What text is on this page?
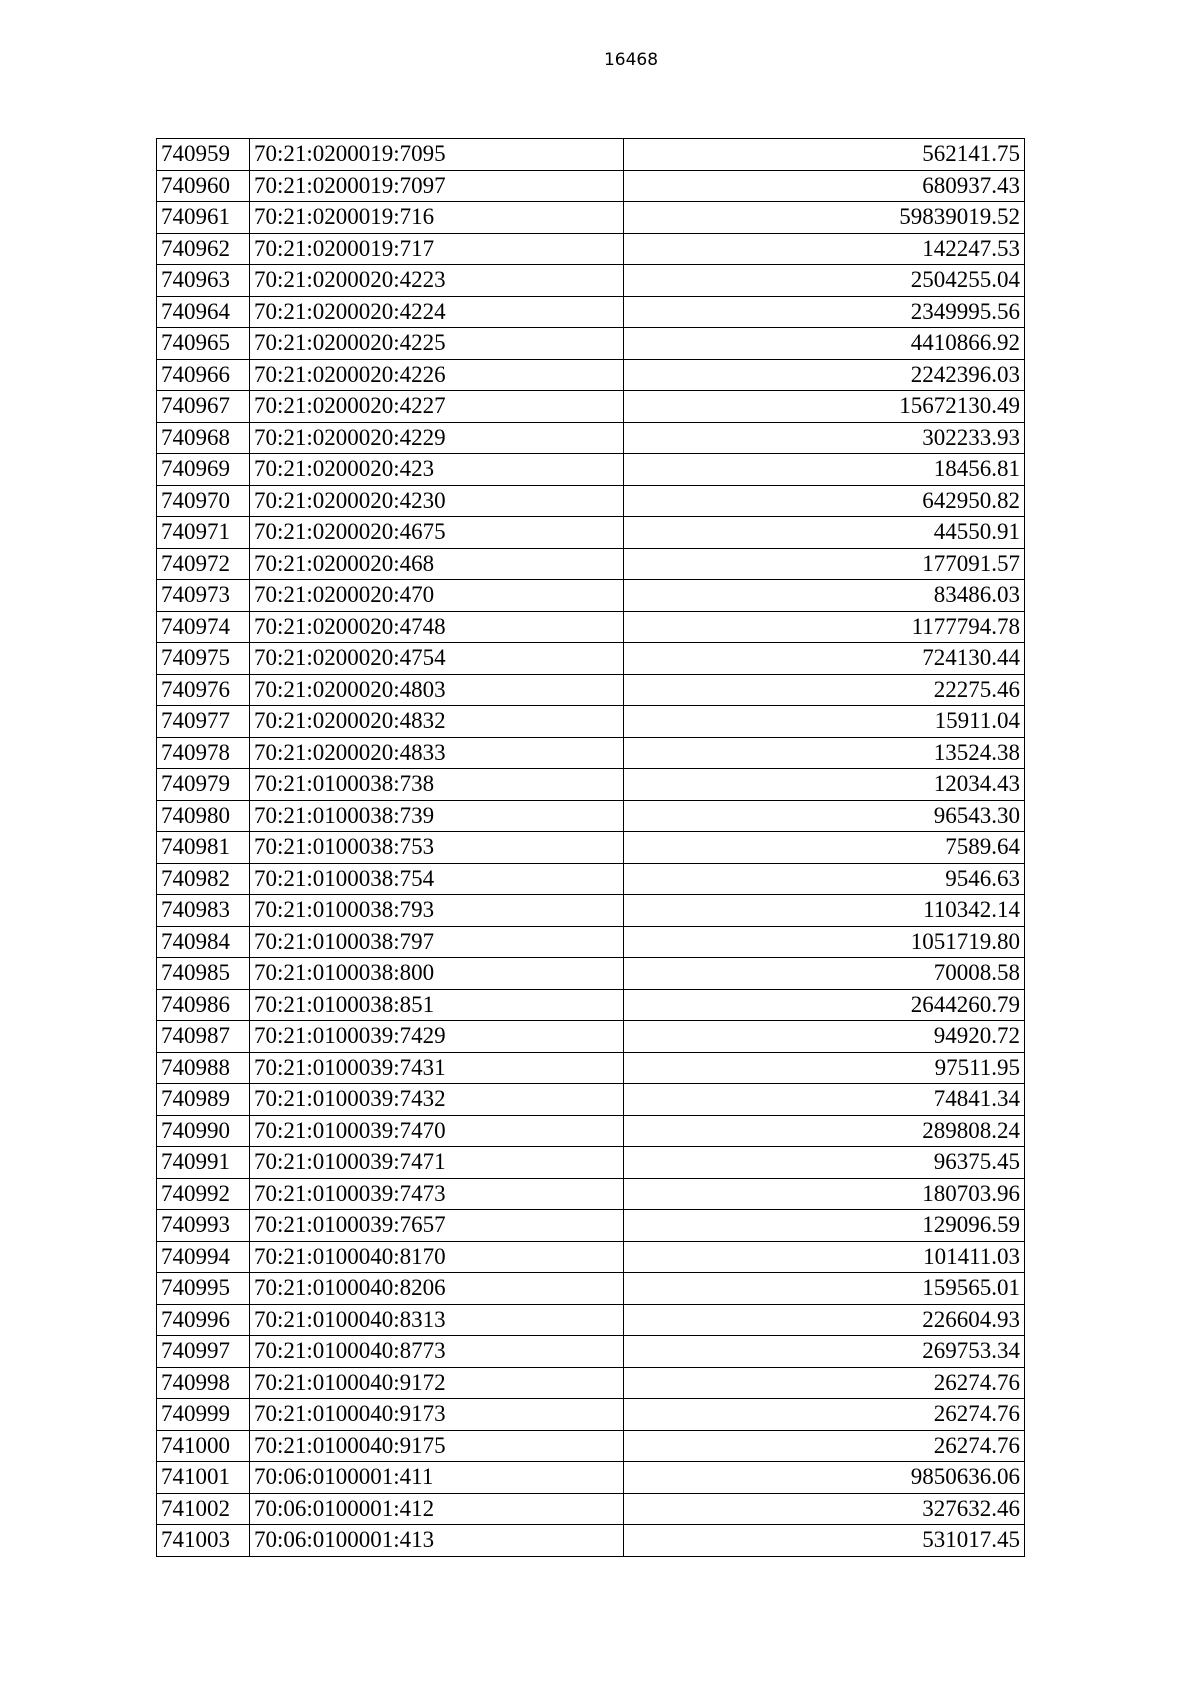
16468
740959	70:21:0200019:7095	562141.75
740960	70:21:0200019:7097	680937.43
740961	70:21:0200019:716	59839019.52
740962	70:21:0200019:717	142247.53
740963	70:21:0200020:4223	2504255.04
740964	70:21:0200020:4224	2349995.56
740965	70:21:0200020:4225	4410866.92
740966	70:21:0200020:4226	2242396.03
740967	70:21:0200020:4227	15672130.49
740968	70:21:0200020:4229	302233.93
740969	70:21:0200020:423	18456.81
740970	70:21:0200020:4230	642950.82
740971	70:21:0200020:4675	44550.91
740972	70:21:0200020:468	177091.57
740973	70:21:0200020:470	83486.03
740974	70:21:0200020:4748	1177794.78
740975	70:21:0200020:4754	724130.44
740976	70:21:0200020:4803	22275.46
740977	70:21:0200020:4832	15911.04
740978	70:21:0200020:4833	13524.38
740979	70:21:0100038:738	12034.43
740980	70:21:0100038:739	96543.30
740981	70:21:0100038:753	7589.64
740982	70:21:0100038:754	9546.63
740983	70:21:0100038:793	110342.14
740984	70:21:0100038:797	1051719.80
740985	70:21:0100038:800	70008.58
740986	70:21:0100038:851	2644260.79
740987	70:21:0100039:7429	94920.72
740988	70:21:0100039:7431	97511.95
740989	70:21:0100039:7432	74841.34
740990	70:21:0100039:7470	289808.24
740991	70:21:0100039:7471	96375.45
740992	70:21:0100039:7473	180703.96
740993	70:21:0100039:7657	129096.59
740994	70:21:0100040:8170	101411.03
740995	70:21:0100040:8206	159565.01
740996	70:21:0100040:8313	226604.93
740997	70:21:0100040:8773	269753.34
740998	70:21:0100040:9172	26274.76
740999	70:21:0100040:9173	26274.76
741000	70:21:0100040:9175	26274.76
741001	70:06:0100001:411	9850636.06
741002	70:06:0100001:412	327632.46
741003	70:06:0100001:413	531017.45
